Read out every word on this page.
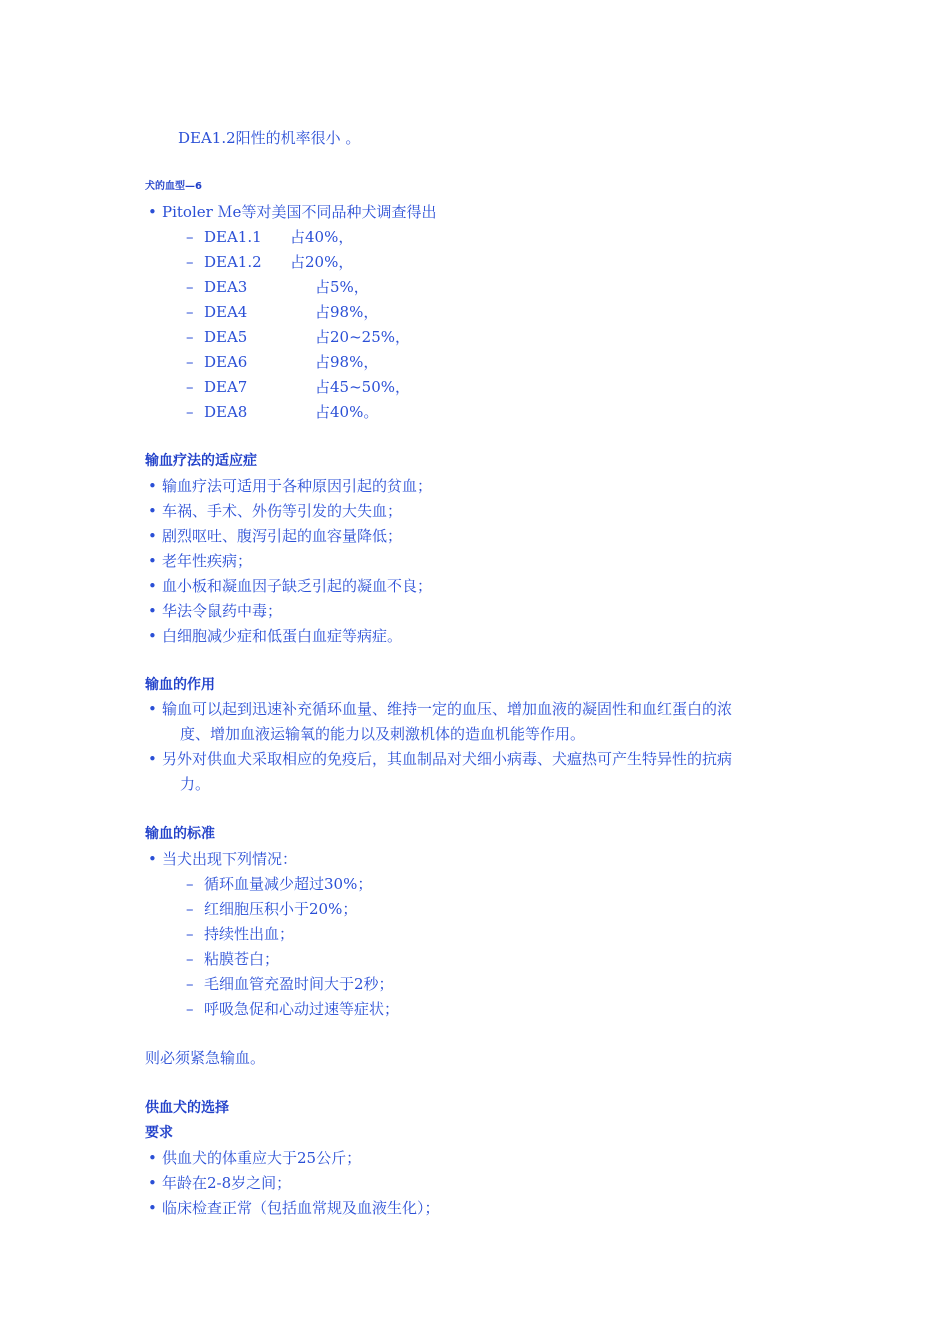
DEA1.2阳性的机率很小 。
犬的血型—6
• Pitoler Ｍe等对美国不同品种犬调查得出
– DEA1.1 占40%，
– DEA1.2 占20%，
– DEA3	占5%，
– DEA4	占98%，
– DEA5	占20~25%，
– DEA6	占98%，
– DEA7	占45~50%，
– DEA8	占40%。
输血疗法的适应症
• 输血疗法可适用于各种原因引起的贫血；
• 车祸、手术、外伤等引发的大失血；
• 剧烈呕吐、腹泻引起的血容量降低；
• 老年性疾病；
• 血小板和凝血因子缺乏引起的凝血不良；
• 华法令鼠药中毒；
• 白细胞减少症和低蛋白血症等病症。
输血的作用
• 输血可以起到迅速补充循环血量、维持一定的血压、增加血液的凝固性和血红蛋白的浓
度、增加血液运输氧的能力以及刺激机体的造血机能等作用。
• 另外对供血犬采取相应的免疫后，其血制品对犬细小病毒、犬瘟热可产生特异性的抗病
力。
输血的标准
• 当犬出现下列情况：
– 循环血量减少超过30%；
– 红细胞压积小于20%；
– 持续性出血；
– 粘膜苍白；
– 毛细血管充盈时间大于2秒；
– 呼吸急促和心动过速等症状；
则必须紧急输血。
供血犬的选择
要求
• 供血犬的体重应大于25公斤；
• 年龄在2-8岁之间；
• 临床检查正常（包括血常规及血液生化）；
